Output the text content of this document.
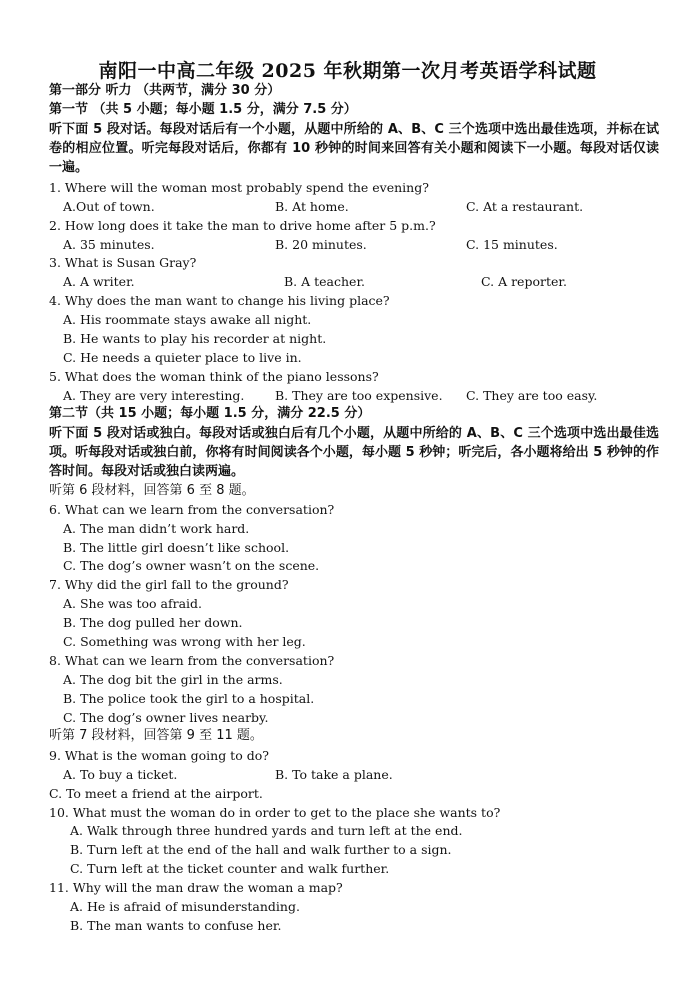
南阳一中高二年级 2025 年秋期第一次月考英语学科试题
第一部分 听力 （共两节，满分 30 分）
第一节 （共 5 小题；每小题 1.5 分，满分 7.5 分）
听下面 5 段对话。每段对话后有一个小题，从题中所给的 A、B、C 三个选项中选出最佳选项，并标在试卷的相应位置。听完每段对话后，你都有 10 秒钟的时间来回答有关小题和阅读下一小题。每段对话仅读一遍。
1. Where will the woman most probably spend the evening?
A.Out of town.	B. At home.	C. At a restaurant.
2. How long does it take the man to drive home after 5 p.m.?
A. 35 minutes.	B. 20 minutes.	C. 15 minutes.
3. What is Susan Gray?
A. A writer.	B. A teacher.	C. A reporter.
4. Why does the man want to change his living place?
A. His roommate stays awake all night.
B. He wants to play his recorder at night.
C. He needs a quieter place to live in.
5. What does the woman think of the piano lessons?
A. They are very interesting. B. They are too expensive. C. They are too easy.
第二节（共 15 小题；每小题 1.5 分，满分 22.5 分）
听下面 5 段对话或独白。每段对话或独白后有几个小题，从题中所给的 A、B、C 三个选项中选出最佳选项。听每段对话或独白前，你将有时间阅读各个小题，每小题 5 秒钟；听完后，各小题将给出 5 秒钟的作答时间。每段对话或独白读两遍。
听第 6 段材料，回答第 6 至 8 题。
6. What can we learn from the conversation?
A. The man didn’t work hard.
B. The little girl doesn’t like school.
C. The dog’s owner wasn’t on the scene.
7. Why did the girl fall to the ground?
A. She was too afraid.
B. The dog pulled her down.
C. Something was wrong with her leg.
8. What can we learn from the conversation?
A. The dog bit the girl in the arms.
B. The police took the girl to a hospital.
C. The dog’s owner lives nearby.
听第 7 段材料，回答第 9 至 11 题。
9. What is the woman going to do?
A. To buy a ticket.	B. To take a plane.
C. To meet a friend at the airport.
10. What must the woman do in order to get to the place she wants to?
A. Walk through three hundred yards and turn left at the end.
B. Turn left at the end of the hall and walk further to a sign.
C. Turn left at the ticket counter and walk further.
11. Why will the man draw the woman a map?
A. He is afraid of misunderstanding.
B. The man wants to confuse her.
